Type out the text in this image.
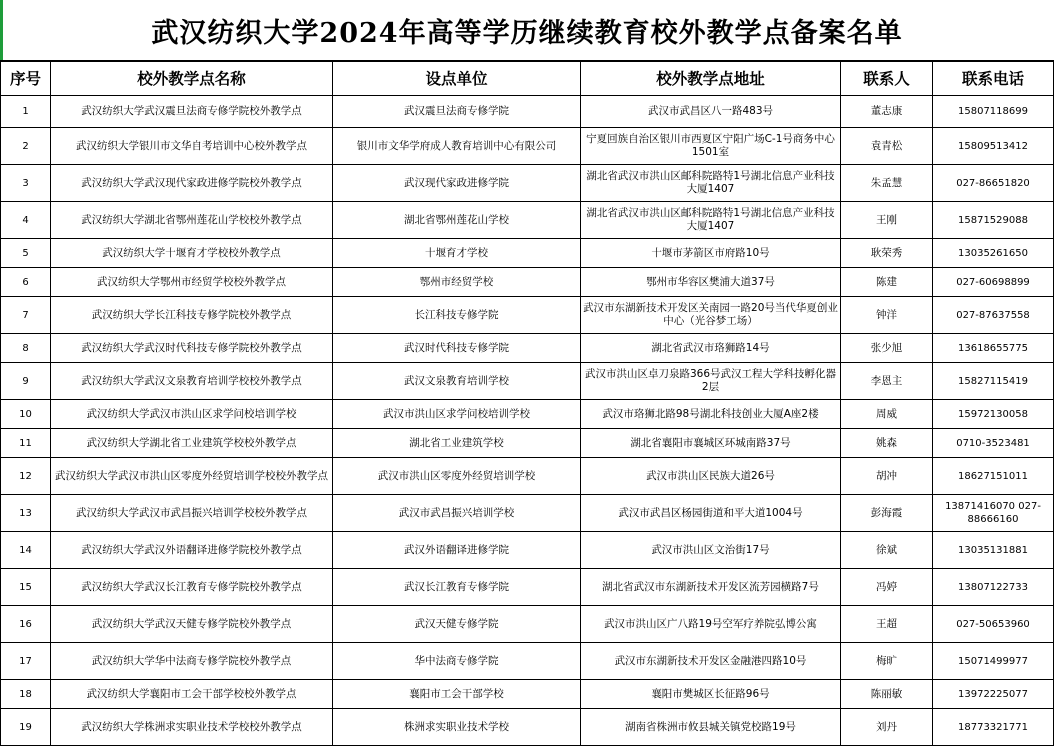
武汉纺织大学2024年高等学历继续教育校外教学点备案名单
序号	校外教学点名称	设点单位	校外教学点地址	联系人	联系电话
1	武汉纺织大学武汉震旦法商专修学院校外教学点	武汉震旦法商专修学院	武汉市武昌区八一路483号	董志康	15807118699
2	武汉纺织大学银川市文华自考培训中心校外教学点	银川市文华学府成人教育培训中心有限公司	宁夏回族自治区银川市西夏区宁阳广场C-1号商务中心1501室	袁青松	15809513412
3	武汉纺织大学武汉现代家政进修学院校外教学点	武汉现代家政进修学院	湖北省武汉市洪山区邮科院路特1号湖北信息产业科技大厦1407	朱孟慧	027-86651820
4	武汉纺织大学湖北省鄂州莲花山学校校外教学点	湖北省鄂州莲花山学校	湖北省武汉市洪山区邮科院路特1号湖北信息产业科技大厦1407	王刚	15871529088
5	武汉纺织大学十堰育才学校校外教学点	十堰育才学校	十堰市茅箭区市府路10号	耿荣秀	13035261650
6	武汉纺织大学鄂州市经贸学校校外教学点	鄂州市经贸学校	鄂州市华容区樊浦大道37号	陈建	027-60698899
7	武汉纺织大学长江科技专修学院校外教学点	长江科技专修学院	武汉市东湖新技术开发区关南园一路20号当代华夏创业中心（光谷梦工场）	钟洋	027-87637558
8	武汉纺织大学武汉时代科技专修学院校外教学点	武汉时代科技专修学院	湖北省武汉市珞狮路14号	张少旭	13618655775
9	武汉纺织大学武汉文泉教育培训学校校外教学点	武汉文泉教育培训学校	武汉市洪山区卓刀泉路366号武汉工程大学科技孵化器2层	李恩主	15827115419
10	武汉纺织大学武汉市洪山区求学问校培训学校	武汉市洪山区求学问校培训学校	武汉市珞狮北路98号湖北科技创业大厦A座2楼	周威	15972130058
11	武汉纺织大学湖北省工业建筑学校校外教学点	湖北省工业建筑学校	湖北省襄阳市襄城区环城南路37号	姚森	0710-3523481
12	武汉纺织大学武汉市洪山区零度外经贸培训学校校外教学点	武汉市洪山区零度外经贸培训学校	武汉市洪山区民族大道26号	胡冲	18627151011
13	武汉纺织大学武汉市武昌振兴培训学校校外教学点	武汉市武昌振兴培训学校	武汉市武昌区杨园街道和平大道1004号	彭海霞	13871416070 027-88666160
14	武汉纺织大学武汉外语翻译进修学院校外教学点	武汉外语翻译进修学院	武汉市洪山区文治街17号	徐斌	13035131881
15	武汉纺织大学武汉长江教育专修学院校外教学点	武汉长江教育专修学院	湖北省武汉市东湖新技术开发区流芳园横路7号	冯婷	13807122733
16	武汉纺织大学武汉天健专修学院校外教学点	武汉天健专修学院	武汉市洪山区广八路19号空军疗养院弘博公寓	王超	027-50653960
17	武汉纺织大学华中法商专修学院校外教学点	华中法商专修学院	武汉市东湖新技术开发区金融港四路10号	梅旷	15071499977
18	武汉纺织大学襄阳市工会干部学校校外教学点	襄阳市工会干部学校	襄阳市樊城区长征路96号	陈丽敏	13972225077
19	武汉纺织大学株洲求实职业技术学校校外教学点	株洲求实职业技术学校	湖南省株洲市攸县城关镇党校路19号	刘丹	18773321771
